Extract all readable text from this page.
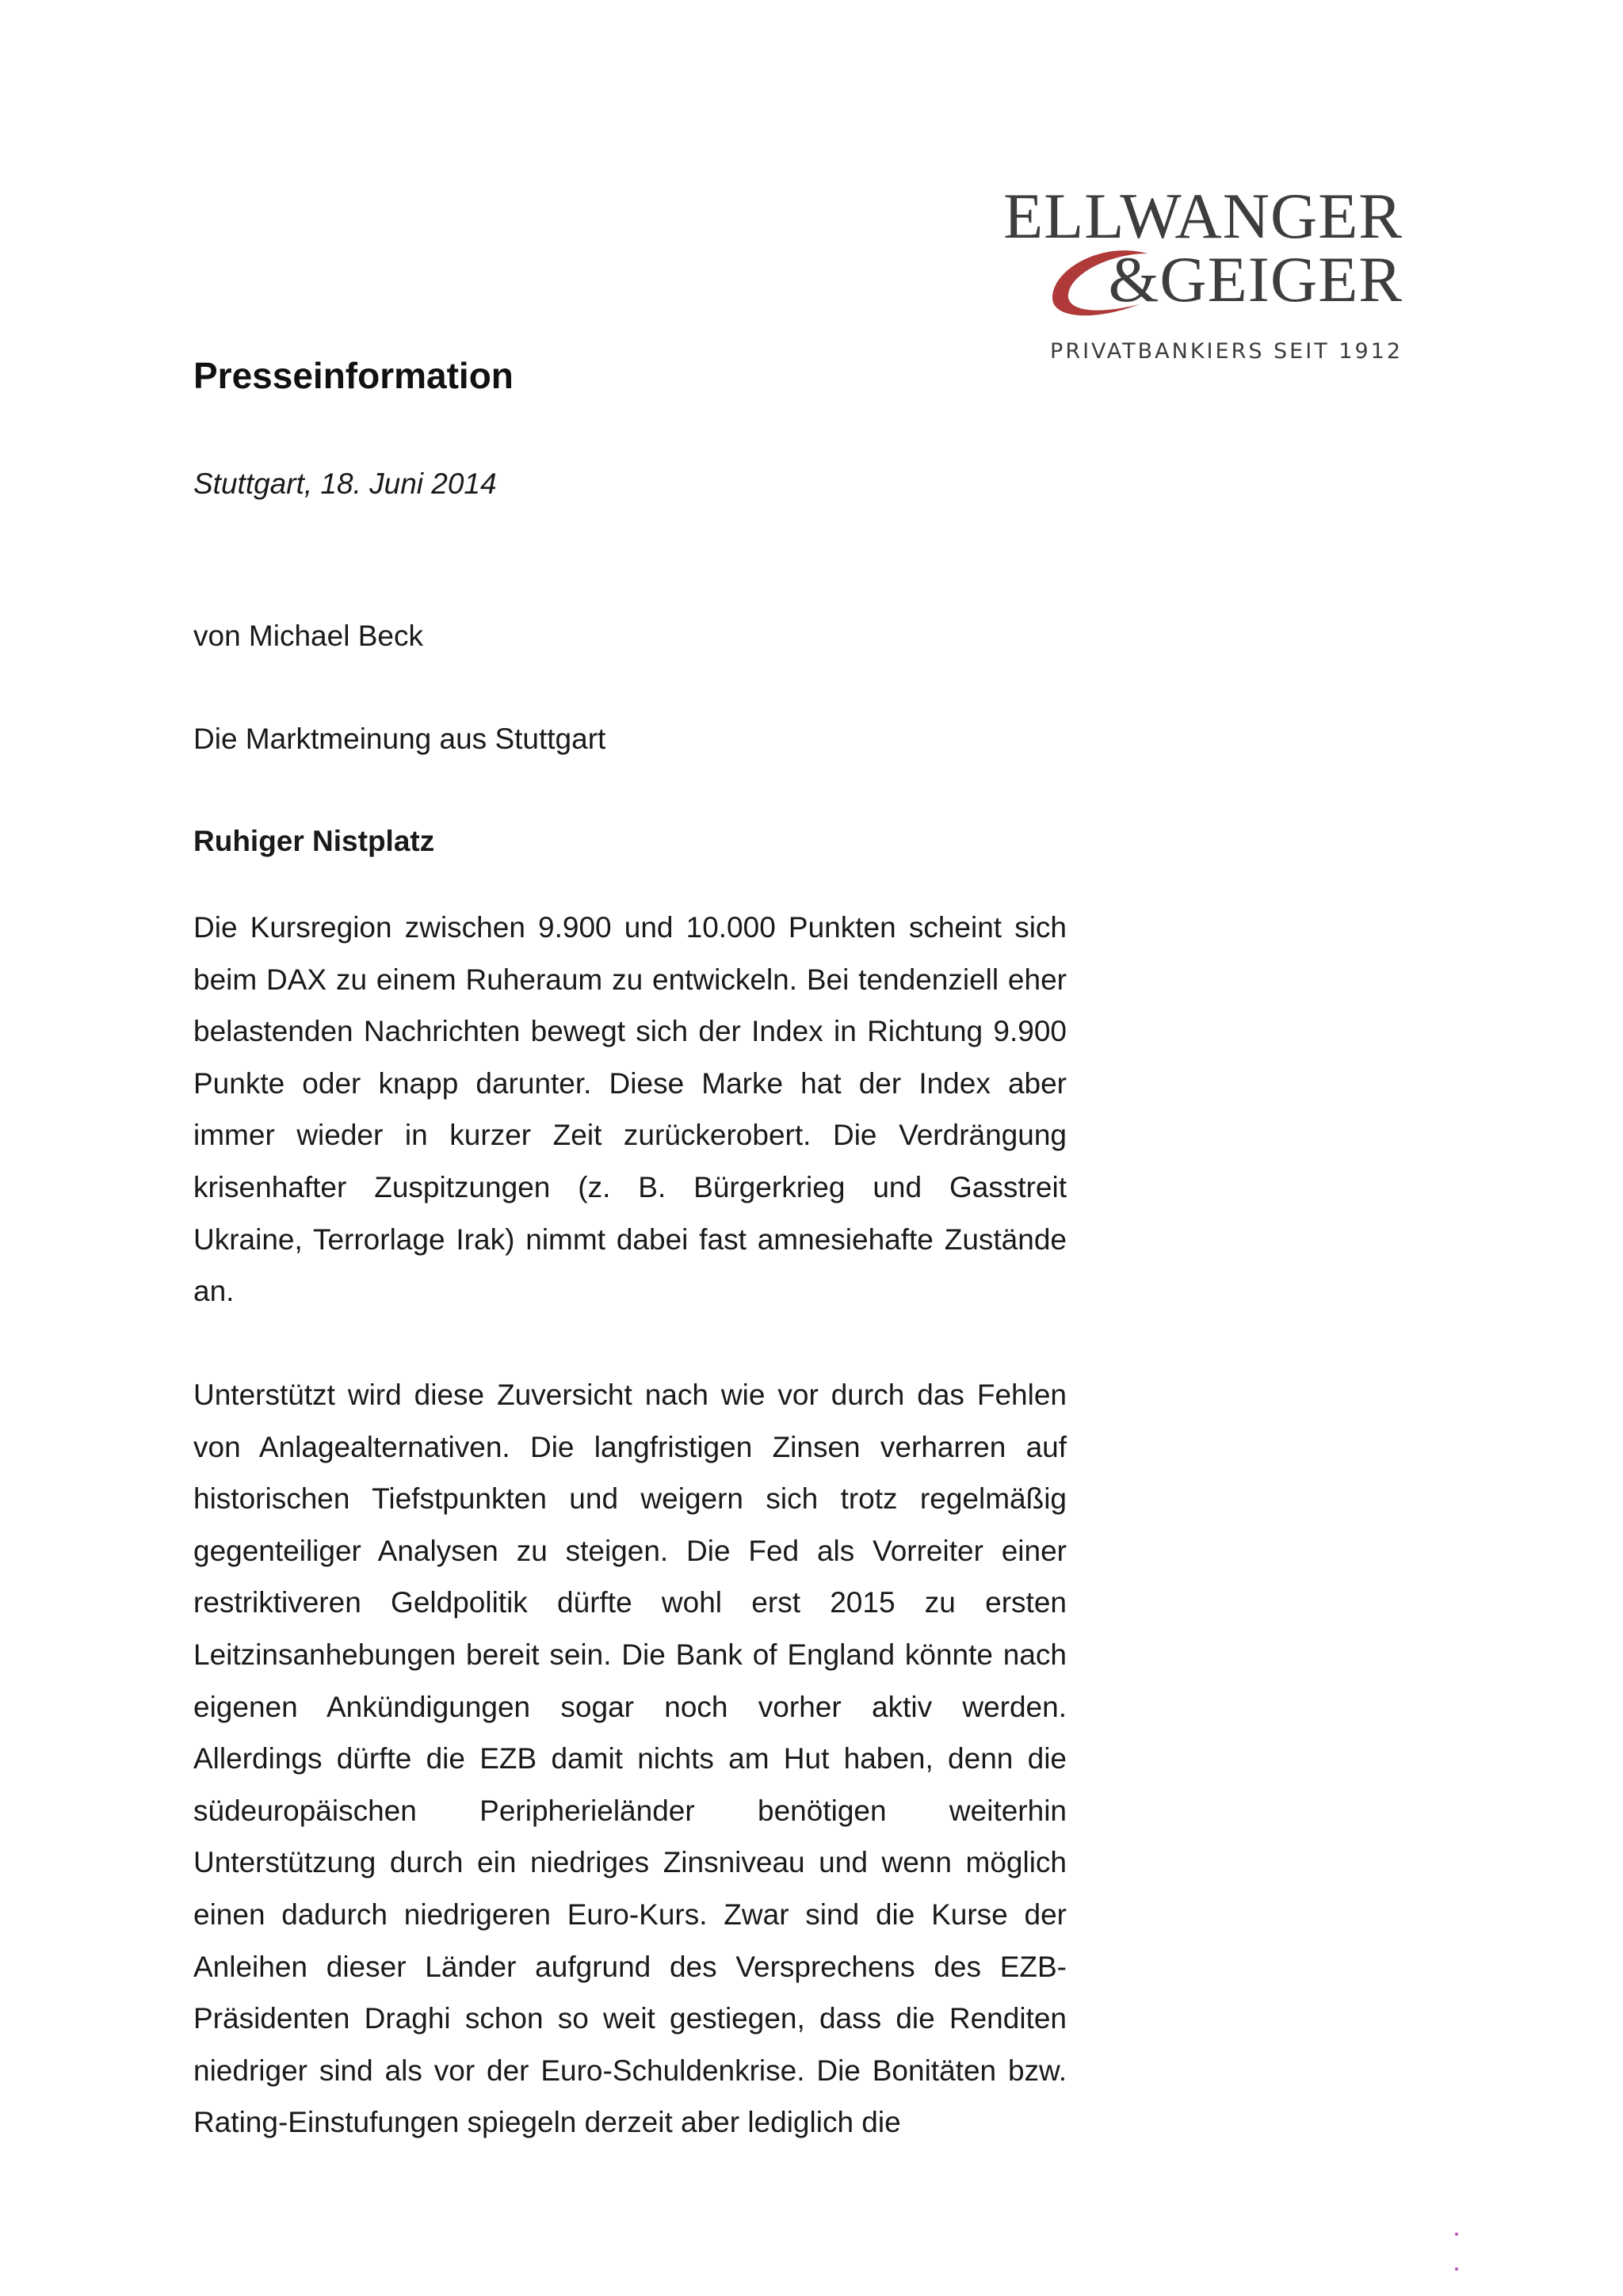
ELLWANGER
&GEIGER
PRIVATBANKIERS SEIT 1912
Presseinformation
Stuttgart, 18. Juni 2014
von Michael Beck
Die Marktmeinung aus Stuttgart
Ruhiger Nistplatz

Die Kursregion zwischen 9.900 und 10.000 Punkten scheint sich beim DAX zu einem Ruheraum zu entwickeln. Bei tendenziell eher belastenden Nachrichten bewegt sich der Index in Richtung 9.900 Punkte oder knapp darunter. Diese Marke hat der Index aber immer wieder in kurzer Zeit zurückerobert. Die Verdrängung krisenhafter Zuspitzungen (z. B. Bürgerkrieg und Gasstreit Ukraine, Terrorlage Irak) nimmt dabei fast amnesiehafte Zustände an.

Unterstützt wird diese Zuversicht nach wie vor durch das Fehlen von Anlagealternativen. Die langfristigen Zinsen verharren auf historischen Tiefstpunkten und weigern sich trotz regelmäßig gegenteiliger Analysen zu steigen. Die Fed als Vorreiter einer restriktiveren Geldpolitik dürfte wohl erst 2015 zu ersten Leitzinsanhebungen bereit sein. Die Bank of England könnte nach eigenen Ankündigungen sogar noch vorher aktiv werden. Allerdings dürfte die EZB damit nichts am Hut haben, denn die südeuropäischen Peripherieländer benötigen weiterhin Unterstützung durch ein niedriges Zinsniveau und wenn möglich einen dadurch niedrigeren Euro-Kurs. Zwar sind die Kurse der Anleihen dieser Länder aufgrund des Versprechens des EZB-Präsidenten Draghi schon so weit gestiegen, dass die Renditen niedriger sind als vor der Euro-Schuldenkrise. Die Bonitäten bzw. Rating-Einstufungen spiegeln derzeit aber lediglich die
